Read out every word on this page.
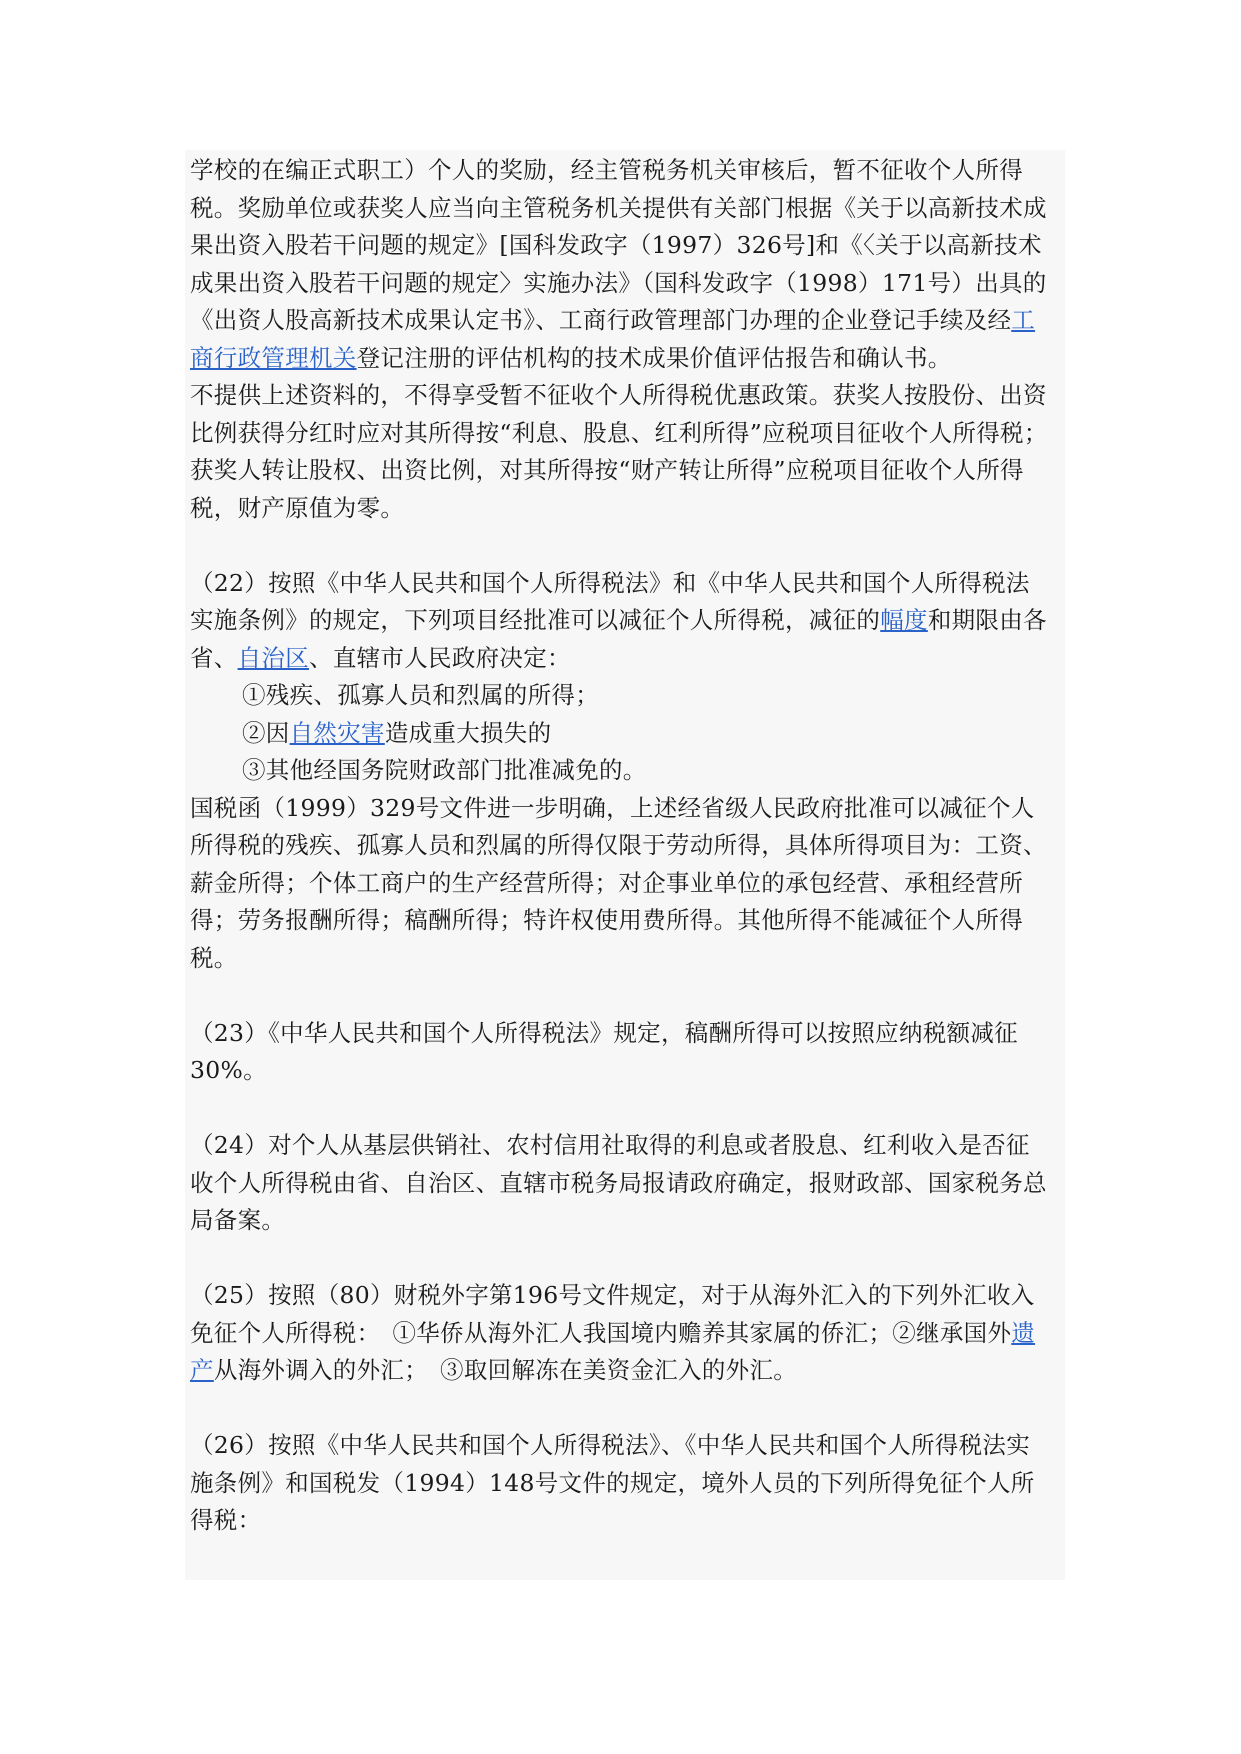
学校的在编正式职工）个人的奖励，经主管税务机关审核后，暂不征收个人所得税。奖励单位或获奖人应当向主管税务机关提供有关部门根据《关于以高新技术成果出资入股若干问题的规定》[国科发政字（1997）326号]和《〈关于以高新技术成果出资入股若干问题的规定〉实施办法》（国科发政字（1998）171号）出具的《出资人股高新技术成果认定书》、工商行政管理部门办理的企业登记手续及经工商行政管理机关登记注册的评估机构的技术成果价值评估报告和确认书。

不提供上述资料的，不得享受暂不征收个人所得税优惠政策。获奖人按股份、出资比例获得分红时应对其所得按“利息、股息、红利所得”应税项目征收个人所得税；获奖人转让股权、出资比例，对其所得按“财产转让所得”应税项目征收个人所得税，财产原值为零。

（22）按照《中华人民共和国个人所得税法》和《中华人民共和国个人所得税法实施条例》的规定，下列项目经批准可以减征个人所得税，减征的幅度和期限由各省、自治区、直辖市人民政府决定：

①残疾、孤寡人员和烈属的所得；

②因自然灾害造成重大损失的

③其他经国务院财政部门批准减免的。

国税函（1999）329号文件进一步明确，上述经省级人民政府批准可以减征个人所得税的残疾、孤寡人员和烈属的所得仅限于劳动所得，具体所得项目为：工资、薪金所得；个体工商户的生产经营所得；对企事业单位的承包经营、承租经营所得；劳务报酬所得；稿酬所得；特许权使用费所得。其他所得不能减征个人所得税。

（23）《中华人民共和国个人所得税法》规定，稿酬所得可以按照应纳税额减征30%。

（24）对个人从基层供销社、农村信用社取得的利息或者股息、红利收入是否征收个人所得税由省、自治区、直辖市税务局报请政府确定，报财政部、国家税务总局备案。

（25）按照（80）财税外字第196号文件规定，对于从海外汇入的下列外汇收入免征个人所得税：　①华侨从海外汇人我国境内赡养其家属的侨汇；②继承国外遗产从海外调入的外汇；　③取回解冻在美资金汇入的外汇。

（26）按照《中华人民共和国个人所得税法》、《中华人民共和国个人所得税法实施条例》和国税发（1994）148号文件的规定，境外人员的下列所得免征个人所得税：
